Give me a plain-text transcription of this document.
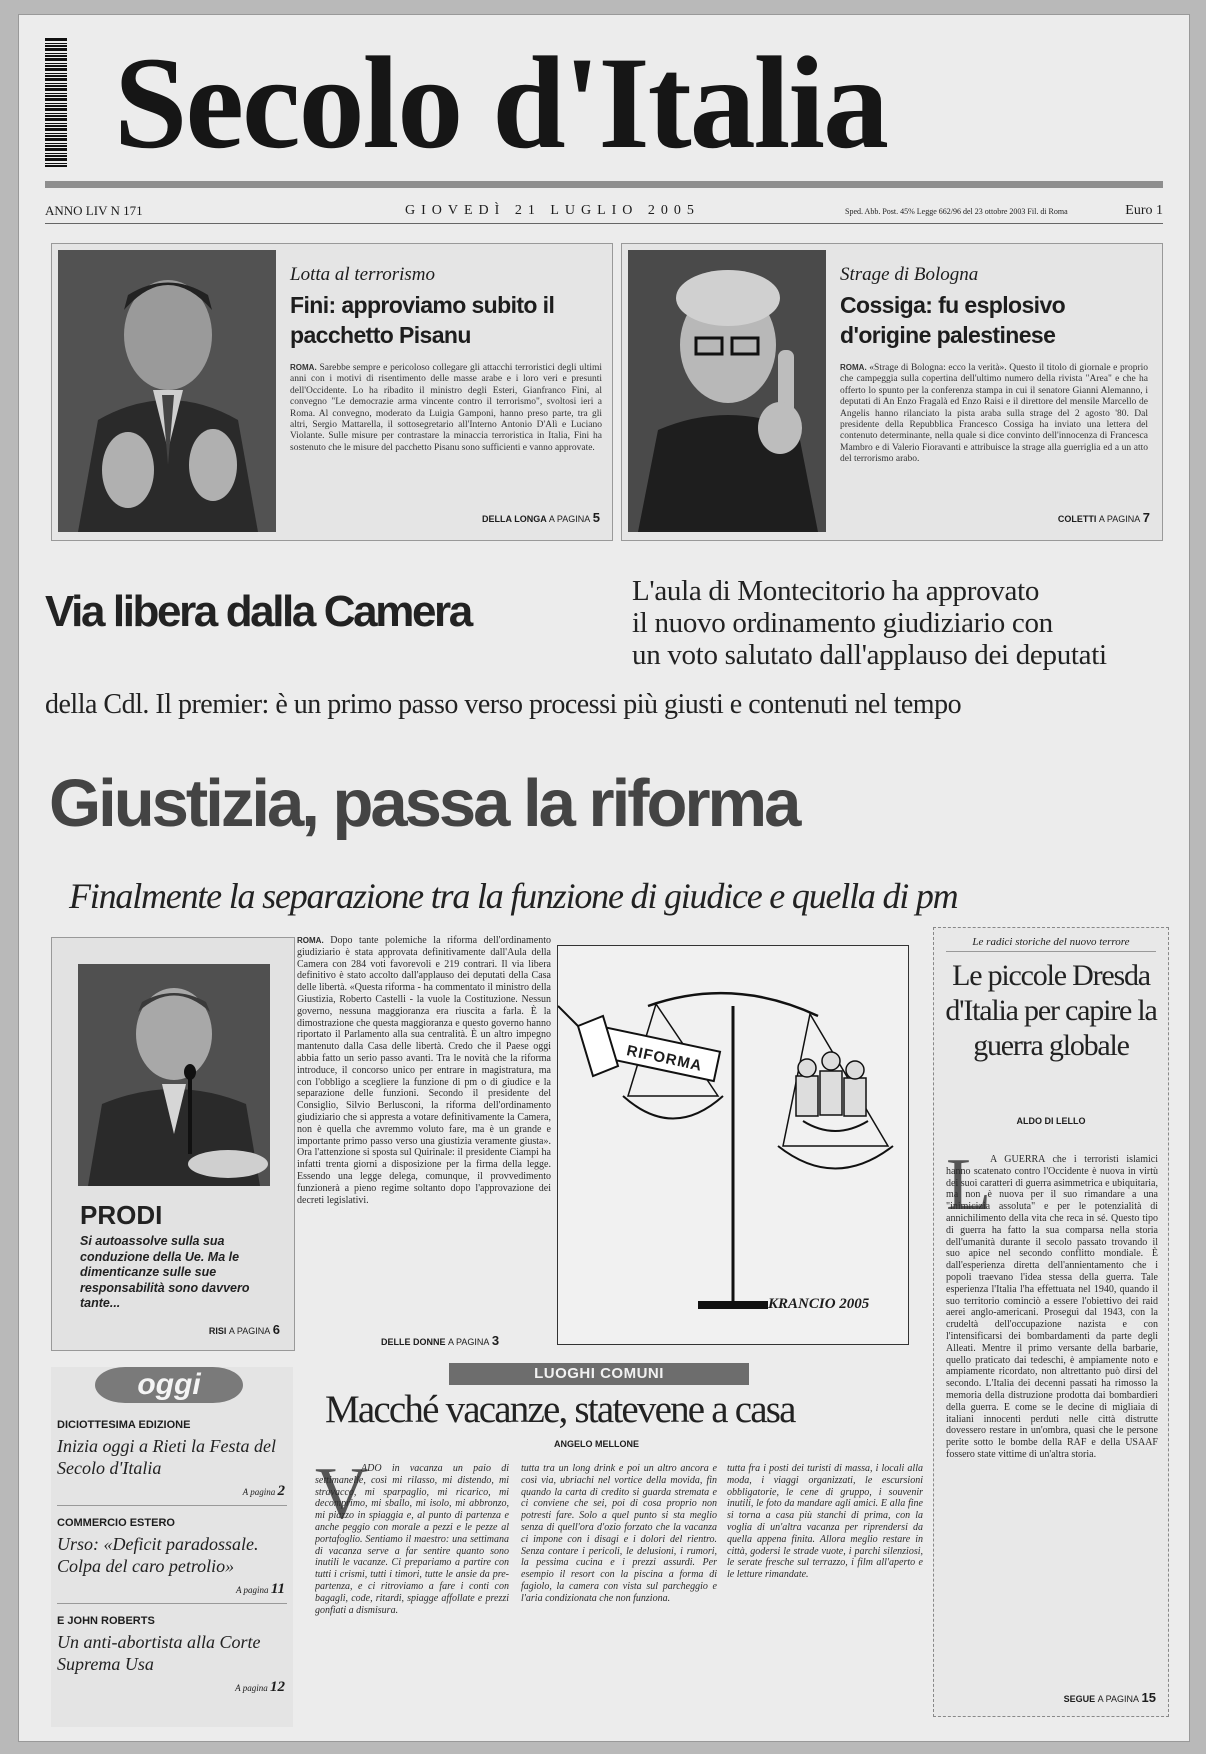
Secolo d'Italia
ANNO LIV N 171	GIOVEDÌ 21 LUGLIO 2005	Sped. Abb. Post. 45% Legge 662/96 del 23 ottobre 2003 Fil. di Roma	Euro 1
Lotta al terrorismo
Fini: approviamo subito il pacchetto Pisanu
ROMA. Sarebbe sempre e pericoloso collegare gli attacchi terroristici degli ultimi anni con i motivi di risentimento delle masse arabe e i loro veri e presunti dell'Occidente. Lo ha ribadito il ministro degli Esteri, Gianfranco Fini, al convegno "Le democrazie arma vincente contro il terrorismo", svoltosi ieri a Roma. Al convegno, moderato da Luigia Gamponi, hanno preso parte, tra gli altri, Sergio Mattarella, il sottosegretario all'Interno Antonio D'Alì e Luciano Violante. Sulle misure per contrastare la minaccia terroristica in Italia, Fini ha sostenuto che le misure del pacchetto Pisanu sono sufficienti e vanno approvate.
DELLA LONGA A PAGINA 5
Strage di Bologna
Cossiga: fu esplosivo d'origine palestinese
ROMA. «Strage di Bologna: ecco la verità». Questo il titolo di giornale e proprio che campeggia sulla copertina dell'ultimo numero della rivista "Area" e che ha offerto lo spunto per la conferenza stampa in cui il senatore Gianni Alemanno, i deputati di An Enzo Fragalà ed Enzo Raisi e il direttore del mensile Marcello de Angelis hanno rilanciato la pista araba sulla strage del 2 agosto '80. Dal presidente della Repubblica Francesco Cossiga ha inviato una lettera del contenuto determinante, nella quale si dice convinto dell'innocenza di Francesca Mambro e di Valerio Fioravanti e attribuisce la strage alla guerriglia ed a un atto del terrorismo arabo.
COLETTI A PAGINA 7
Via libera dalla Camera	L'aula di Montecitorio ha approvato
il nuovo ordinamento giudiziario con
un voto salutato dall'applauso dei deputati
della Cdl. Il premier: è un primo passo verso processi più giusti e contenuti nel tempo
Giustizia, passa la riforma
Finalmente la separazione tra la funzione di giudice e quella di pm
PRODI
Si autoassolve sulla sua conduzione della Ue. Ma le dimenticanze sulle sue responsabilità sono davvero tante...
RISI A PAGINA 6
ROMA. Dopo tante polemiche la riforma dell'ordinamento giudiziario è stata approvata definitivamente dall'Aula della Camera con 284 voti favorevoli e 219 contrari. Il via libera definitivo è stato accolto dall'applauso dei deputati della Casa delle libertà. «Questa riforma - ha commentato il ministro della Giustizia, Roberto Castelli - la vuole la Costituzione. Nessun governo, nessuna maggioranza era riuscita a farla. È la dimostrazione che questa maggioranza e questo governo hanno riportato il Parlamento alla sua centralità. È un altro impegno mantenuto dalla Casa delle libertà. Credo che il Paese oggi abbia fatto un serio passo avanti. Tra le novità che la riforma introduce, il concorso unico per entrare in magistratura, ma con l'obbligo a scegliere la funzione di pm o di giudice e la separazione delle funzioni. Secondo il presidente del Consiglio, Silvio Berlusconi, la riforma dell'ordinamento giudiziario che si appresta a votare definitivamente la Camera, non è quella che avremmo voluto fare, ma è un grande e importante primo passo verso una giustizia veramente giusta». Ora l'attenzione si sposta sul Quirinale: il presidente Ciampi ha infatti trenta giorni a disposizione per la firma della legge. Essendo una legge delega, comunque, il provvedimento funzionerà a pieno regime soltanto dopo l'approvazione dei decreti legislativi.
DELLE DONNE A PAGINA 3
RIFORMA
KRANCIO 2005
Le radici storiche del nuovo terrore
Le piccole Dresda d'Italia per capire la guerra globale
ALDO DI LELLO
L
A GUERRA che i terroristi islamici hanno scatenato contro l'Occidente è nuova in virtù dei suoi caratteri di guerra asimmetrica e ubiquitaria, ma non è nuova per il suo rimandare a una "inimicizia assoluta" e per le potenzialità di annichilimento della vita che reca in sé. Questo tipo di guerra ha fatto la sua comparsa nella storia dell'umanità durante il secolo passato trovando il suo apice nel secondo conflitto mondiale. È dall'esperienza diretta dell'annientamento che i popoli traevano l'idea stessa della guerra. Tale esperienza l'Italia l'ha effettuata nel 1940, quando il suo territorio cominciò a essere l'obiettivo dei raid aerei anglo-americani. Proseguì dal 1943, con la crudeltà dell'occupazione nazista e con l'intensificarsi dei bombardamenti da parte degli Alleati. Mentre il primo versante della barbarie, quello praticato dai tedeschi, è ampiamente noto e ampiamente ricordato, non altrettanto può dirsi del secondo. L'Italia dei decenni passati ha rimosso la memoria della distruzione prodotta dai bombardieri della guerra. E come se le decine di migliaia di italiani innocenti perduti nelle città distrutte dovessero restare in un'ombra, quasi che le persone perite sotto le bombe della RAF e della USAAF fossero state vittime di un'altra storia.
SEGUE A PAGINA 15
oggi
DICIOTTESIMA EDIZIONE
Inizia oggi a Rieti la Festa del Secolo d'Italia
A pagina 2
COMMERCIO ESTERO
Urso: «Deficit paradossale. Colpa del caro petrolio»
A pagina 11
E JOHN ROBERTS
Un anti-abortista alla Corte Suprema Usa
A pagina 12
LUOGHI COMUNI
Macché vacanze, statevene a casa
ANGELO MELLONE
V
ADO in vacanza un paio di settimanelle, così mi rilasso, mi distendo, mi stravacco, mi sparpaglio, mi ricarico, mi decomprimo, mi sballo, mi isolo, mi abbronzo, mi piazzo in spiaggia e, al punto di partenza e anche peggio con morale a pezzi e le pezze al portafoglio. Sentiamo il maestro: una settimana di vacanza serve a far sentire quanto sono inutili le vacanze. Ci prepariamo a partire con tutti i crismi, tutti i timori, tutte le ansie da pre-partenza, e ci ritroviamo a fare i conti con bagagli, code, ritardi, spiagge affollate e prezzi gonfiati a dismisura.
tutta tra un long drink e poi un altro ancora e così via, ubriachi nel vortice della movida, fin quando la carta di credito si guarda stremata e ci conviene che sei, poi di cosa proprio non potresti fare. Solo a quel punto si sta meglio senza di quell'ora d'ozio forzato che la vacanza ci impone con i disagi e i dolori del rientro. Senza contare i pericoli, le delusioni, i rumori, la pessima cucina e i prezzi assurdi. Per esempio il resort con la piscina a forma di fagiolo, la camera con vista sul parcheggio e l'aria condizionata che non funziona.
tutta fra i posti dei turisti di massa, i locali alla moda, i viaggi organizzati, le escursioni obbligatorie, le cene di gruppo, i souvenir inutili, le foto da mandare agli amici. E alla fine si torna a casa più stanchi di prima, con la voglia di un'altra vacanza per riprendersi da quella appena finita. Allora meglio restare in città, godersi le strade vuote, i parchi silenziosi, le serate fresche sul terrazzo, i film all'aperto e le letture rimandate.
